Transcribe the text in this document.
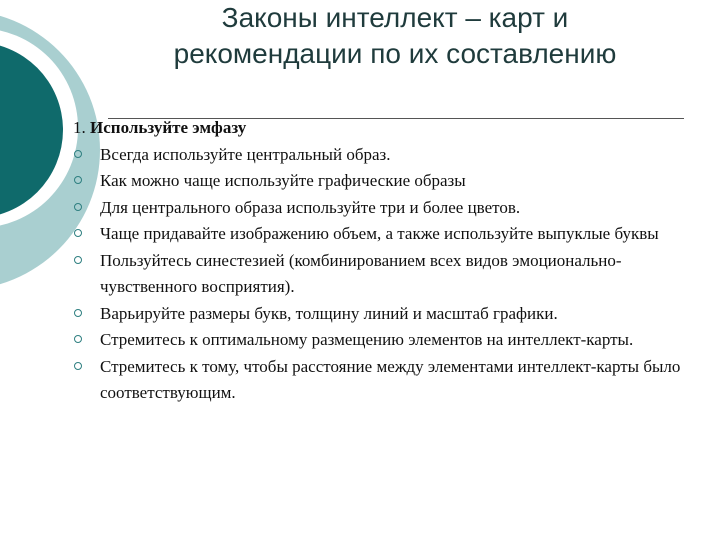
Законы интеллект – карт и
рекомендации по их составлению

1. Используйте эмфазу

Всегда используйте центральный образ.
Как можно чаще используйте графические образы
Для центрального образа используйте три и более цветов.
Чаще придавайте изображению объем, а также используйте выпуклые буквы
Пользуйтесь синестезией (комбинированием всех видов эмоционально-чувственного восприятия).
Варьируйте размеры букв, толщину линий и масштаб графики.
Стремитесь к оптимальному размещению элементов на интеллект-карты.
Стремитесь к тому, чтобы расстояние между элементами интеллект-карты было соответствующим.
